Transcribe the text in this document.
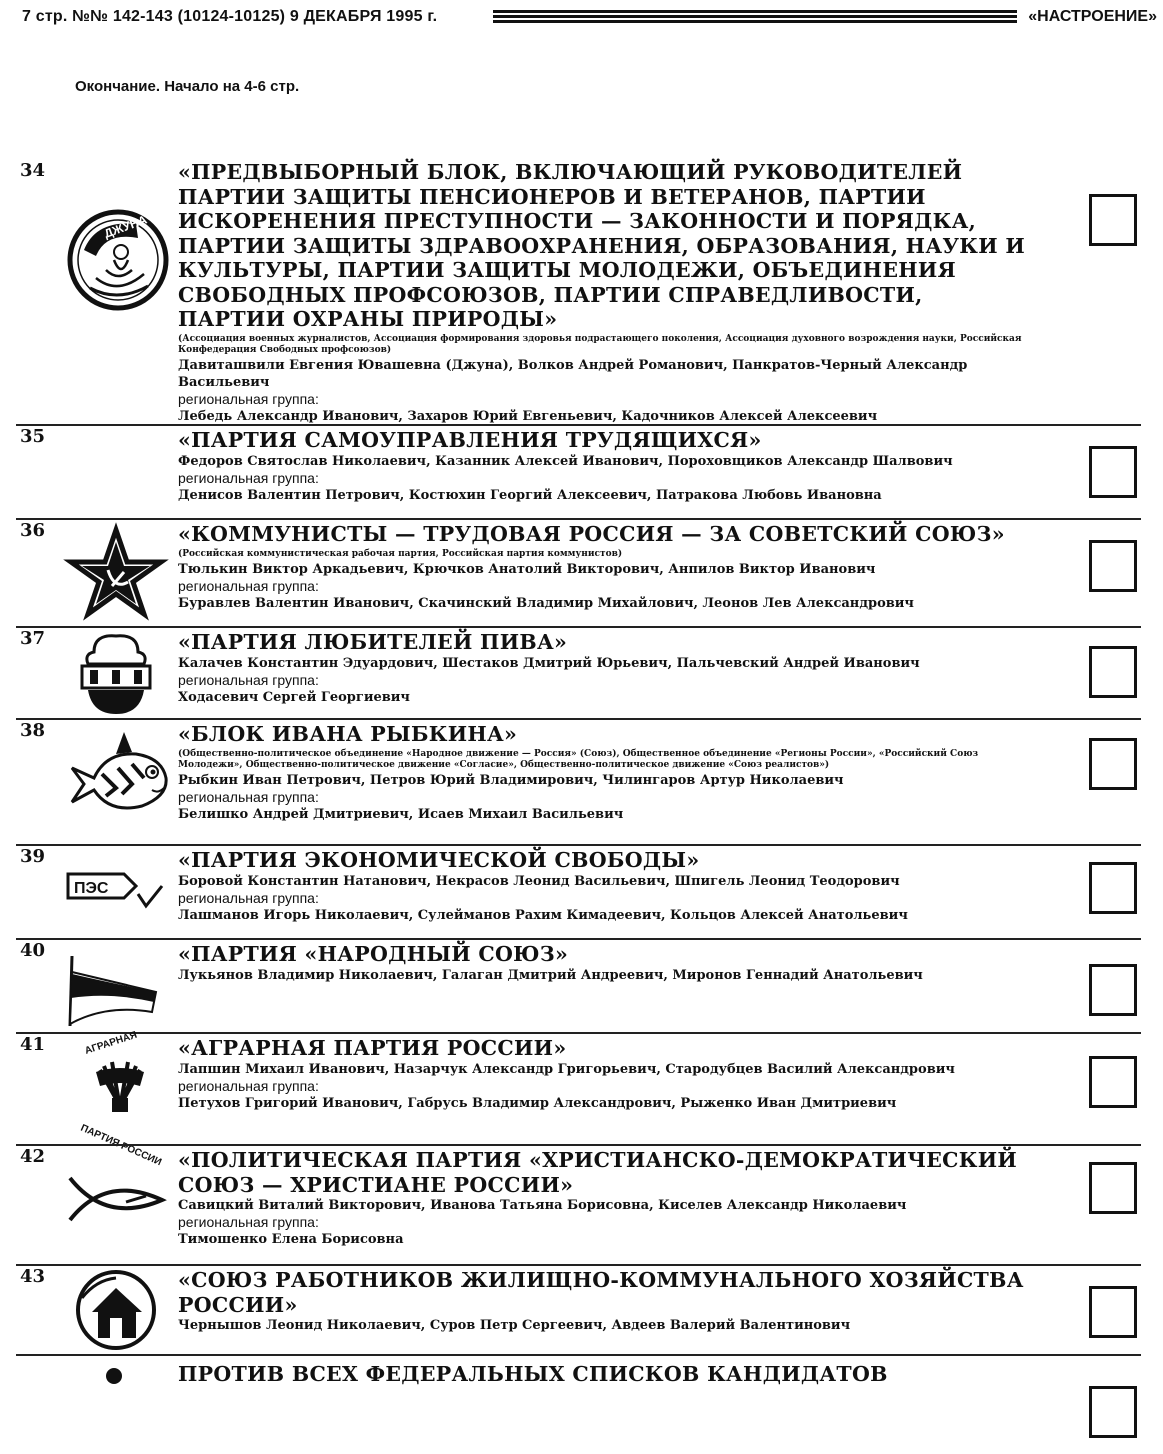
7 стр. №№ 142-143 (10124-10125) 9 ДЕКАБРЯ 1995 г.	«НАСТРОЕНИЕ»
Окончание. Начало на 4-6 стр.
34
ДЖУНА
«ПРЕДВЫБОРНЫЙ БЛОК, ВКЛЮЧАЮЩИЙ РУКОВОДИТЕЛЕЙ ПАРТИИ ЗАЩИТЫ ПЕНСИОНЕРОВ И ВЕТЕРАНОВ, ПАРТИИ ИСКОРЕНЕНИЯ ПРЕСТУПНОСТИ — ЗАКОННОСТИ И ПОРЯДКА, ПАРТИИ ЗАЩИТЫ ЗДРАВООХРАНЕНИЯ, ОБРАЗОВАНИЯ, НАУКИ И КУЛЬТУРЫ, ПАРТИИ ЗАЩИТЫ МОЛОДЕЖИ, ОБЪЕДИНЕНИЯ СВОБОДНЫХ ПРОФСОЮЗОВ, ПАРТИИ СПРАВЕДЛИВОСТИ, ПАРТИИ ОХРАНЫ ПРИРОДЫ»
(Ассоциация военных журналистов, Ассоциация формирования здоровья подрастающего поколения, Ассоциация духовного возрождения науки, Российская Конфедерация Свободных профсоюзов)
Давиташвили Евгения Ювашевна (Джуна), Волков Андрей Романович, Панкратов-Черный Александр Васильевич
региональная группа:
Лебедь Александр Иванович, Захаров Юрий Евгеньевич, Кадочников Алексей Алексеевич
35	«ПАРТИЯ САМОУПРАВЛЕНИЯ ТРУДЯЩИХСЯ»
Федоров Святослав Николаевич, Казанник Алексей Иванович, Пороховщиков Александр Шалвович
региональная группа:
Денисов Валентин Петрович, Костюхин Георгий Алексеевич, Патракова Любовь Ивановна
36	«КОММУНИСТЫ — ТРУДОВАЯ РОССИЯ — ЗА СОВЕТСКИЙ СОЮЗ»
(Российская коммунистическая рабочая партия, Российская партия коммунистов)
Тюлькин Виктор Аркадьевич, Крючков Анатолий Викторович, Анпилов Виктор Иванович
региональная группа:
Буравлев Валентин Иванович, Скачинский Владимир Михайлович, Леонов Лев Александрович
37	«ПАРТИЯ ЛЮБИТЕЛЕЙ ПИВА»
Калачев Константин Эдуардович, Шестаков Дмитрий Юрьевич, Пальчевский Андрей Иванович
региональная группа:
Ходасевич Сергей Георгиевич
38	«БЛОК ИВАНА РЫБКИНА»
(Общественно-политическое объединение «Народное движение — Россия» (Союз), Общественное объединение «Регионы России», «Российский Союз Молодежи», Общественно-политическое движение «Согласие», Общественно-политическое движение «Союз реалистов»)
Рыбкин Иван Петрович, Петров Юрий Владимирович, Чилингаров Артур Николаевич
региональная группа:
Белишко Андрей Дмитриевич, Исаев Михаил Васильевич
39
ПЭС
«ПАРТИЯ ЭКОНОМИЧЕСКОЙ СВОБОДЫ»
Боровой Константин Натанович, Некрасов Леонид Васильевич, Шпигель Леонид Теодорович
региональная группа:
Лашманов Игорь Николаевич, Сулейманов Рахим Кимадеевич, Кольцов Алексей Анатольевич
40	«ПАРТИЯ «НАРОДНЫЙ СОЮЗ»
Лукьянов Владимир Николаевич, Галаган Дмитрий Андреевич, Миронов Геннадий Анатольевич
41	АГРАРНАЯ
ПАРТИЯ РОССИИ
«АГРАРНАЯ ПАРТИЯ РОССИИ»
Лапшин Михаил Иванович, Назарчук Александр Григорьевич, Стародубцев Василий Александрович
региональная группа:
Петухов Григорий Иванович, Габрусь Владимир Александрович, Рыженко Иван Дмитриевич
42	«ПОЛИТИЧЕСКАЯ ПАРТИЯ «ХРИСТИАНСКО-ДЕМОКРАТИЧЕСКИЙ СОЮЗ — ХРИСТИАНЕ РОССИИ»
Савицкий Виталий Викторович, Иванова Татьяна Борисовна, Киселев Александр Николаевич
региональная группа:
Тимошенко Елена Борисовна
43	«СОЮЗ РАБОТНИКОВ ЖИЛИЩНО-КОММУНАЛЬНОГО ХОЗЯЙСТВА РОССИИ»
Чернышов Леонид Николаевич, Суров Петр Сергеевич, Авдеев Валерий Валентинович
ПРОТИВ ВСЕХ ФЕДЕРАЛЬНЫХ СПИСКОВ КАНДИДАТОВ
